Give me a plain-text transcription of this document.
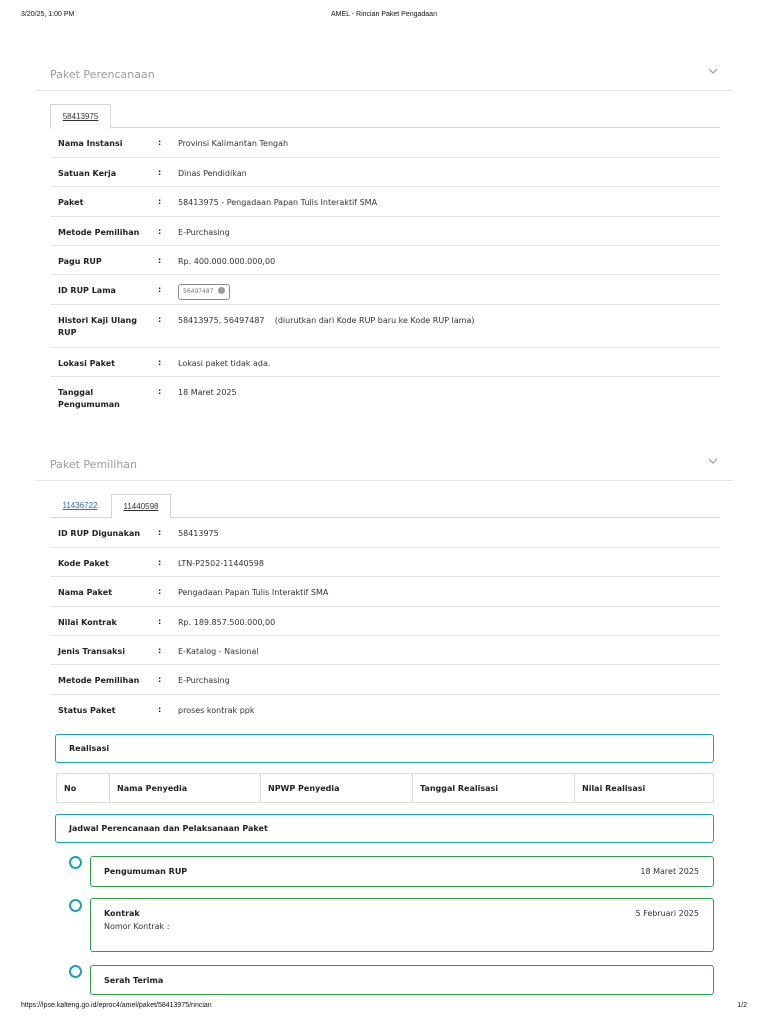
3/20/25, 1:00 PM	AMEL - Rincian Paket Pengadaan
Paket Perencanaan
58413975
Nama Instansi	: Provinsi Kalimantan Tengah
Satuan Kerja	: Dinas Pendidikan
Paket	: 58413975 - Pengadaan Papan Tulis Interaktif SMA
Metode Pemilihan	: E-Purchasing
Pagu RUP	: Rp. 400.000.000.000,00
ID RUP Lama	:	56497487
Histori Kaji Ulang RUP
: 58413975, 56497487    (diurutkan dari Kode RUP baru ke Kode RUP lama)
Lokasi Paket	: Lokasi paket tidak ada.
Tanggal Pengumuman
: 18 Maret 2025
Paket Pemilihan
11436722	11440598
ID RUP Digunakan	: 58413975
Kode Paket	: LTN-P2502-11440598
Nama Paket	: Pengadaan Papan Tulis Interaktif SMA
Nilai Kontrak	: Rp. 189.857.500.000,00
Jenis Transaksi	: E-Katalog - Nasional
Metode Pemilihan	: E-Purchasing
Status Paket	: proses kontrak ppk
Realisasi
No	Nama Penyedia	NPWP Penyedia	Tanggal Realisasi	Nilai Realisasi
Jadwal Perencanaan dan Pelaksanaan Paket
Pengumuman RUP	18 Maret 2025
Kontrak	5 Februari 2025
Nomor Kontrak :
Serah Terima
https://lpse.kalteng.go.id/eproc4/amel/paket/58413975/rincian	1/2
